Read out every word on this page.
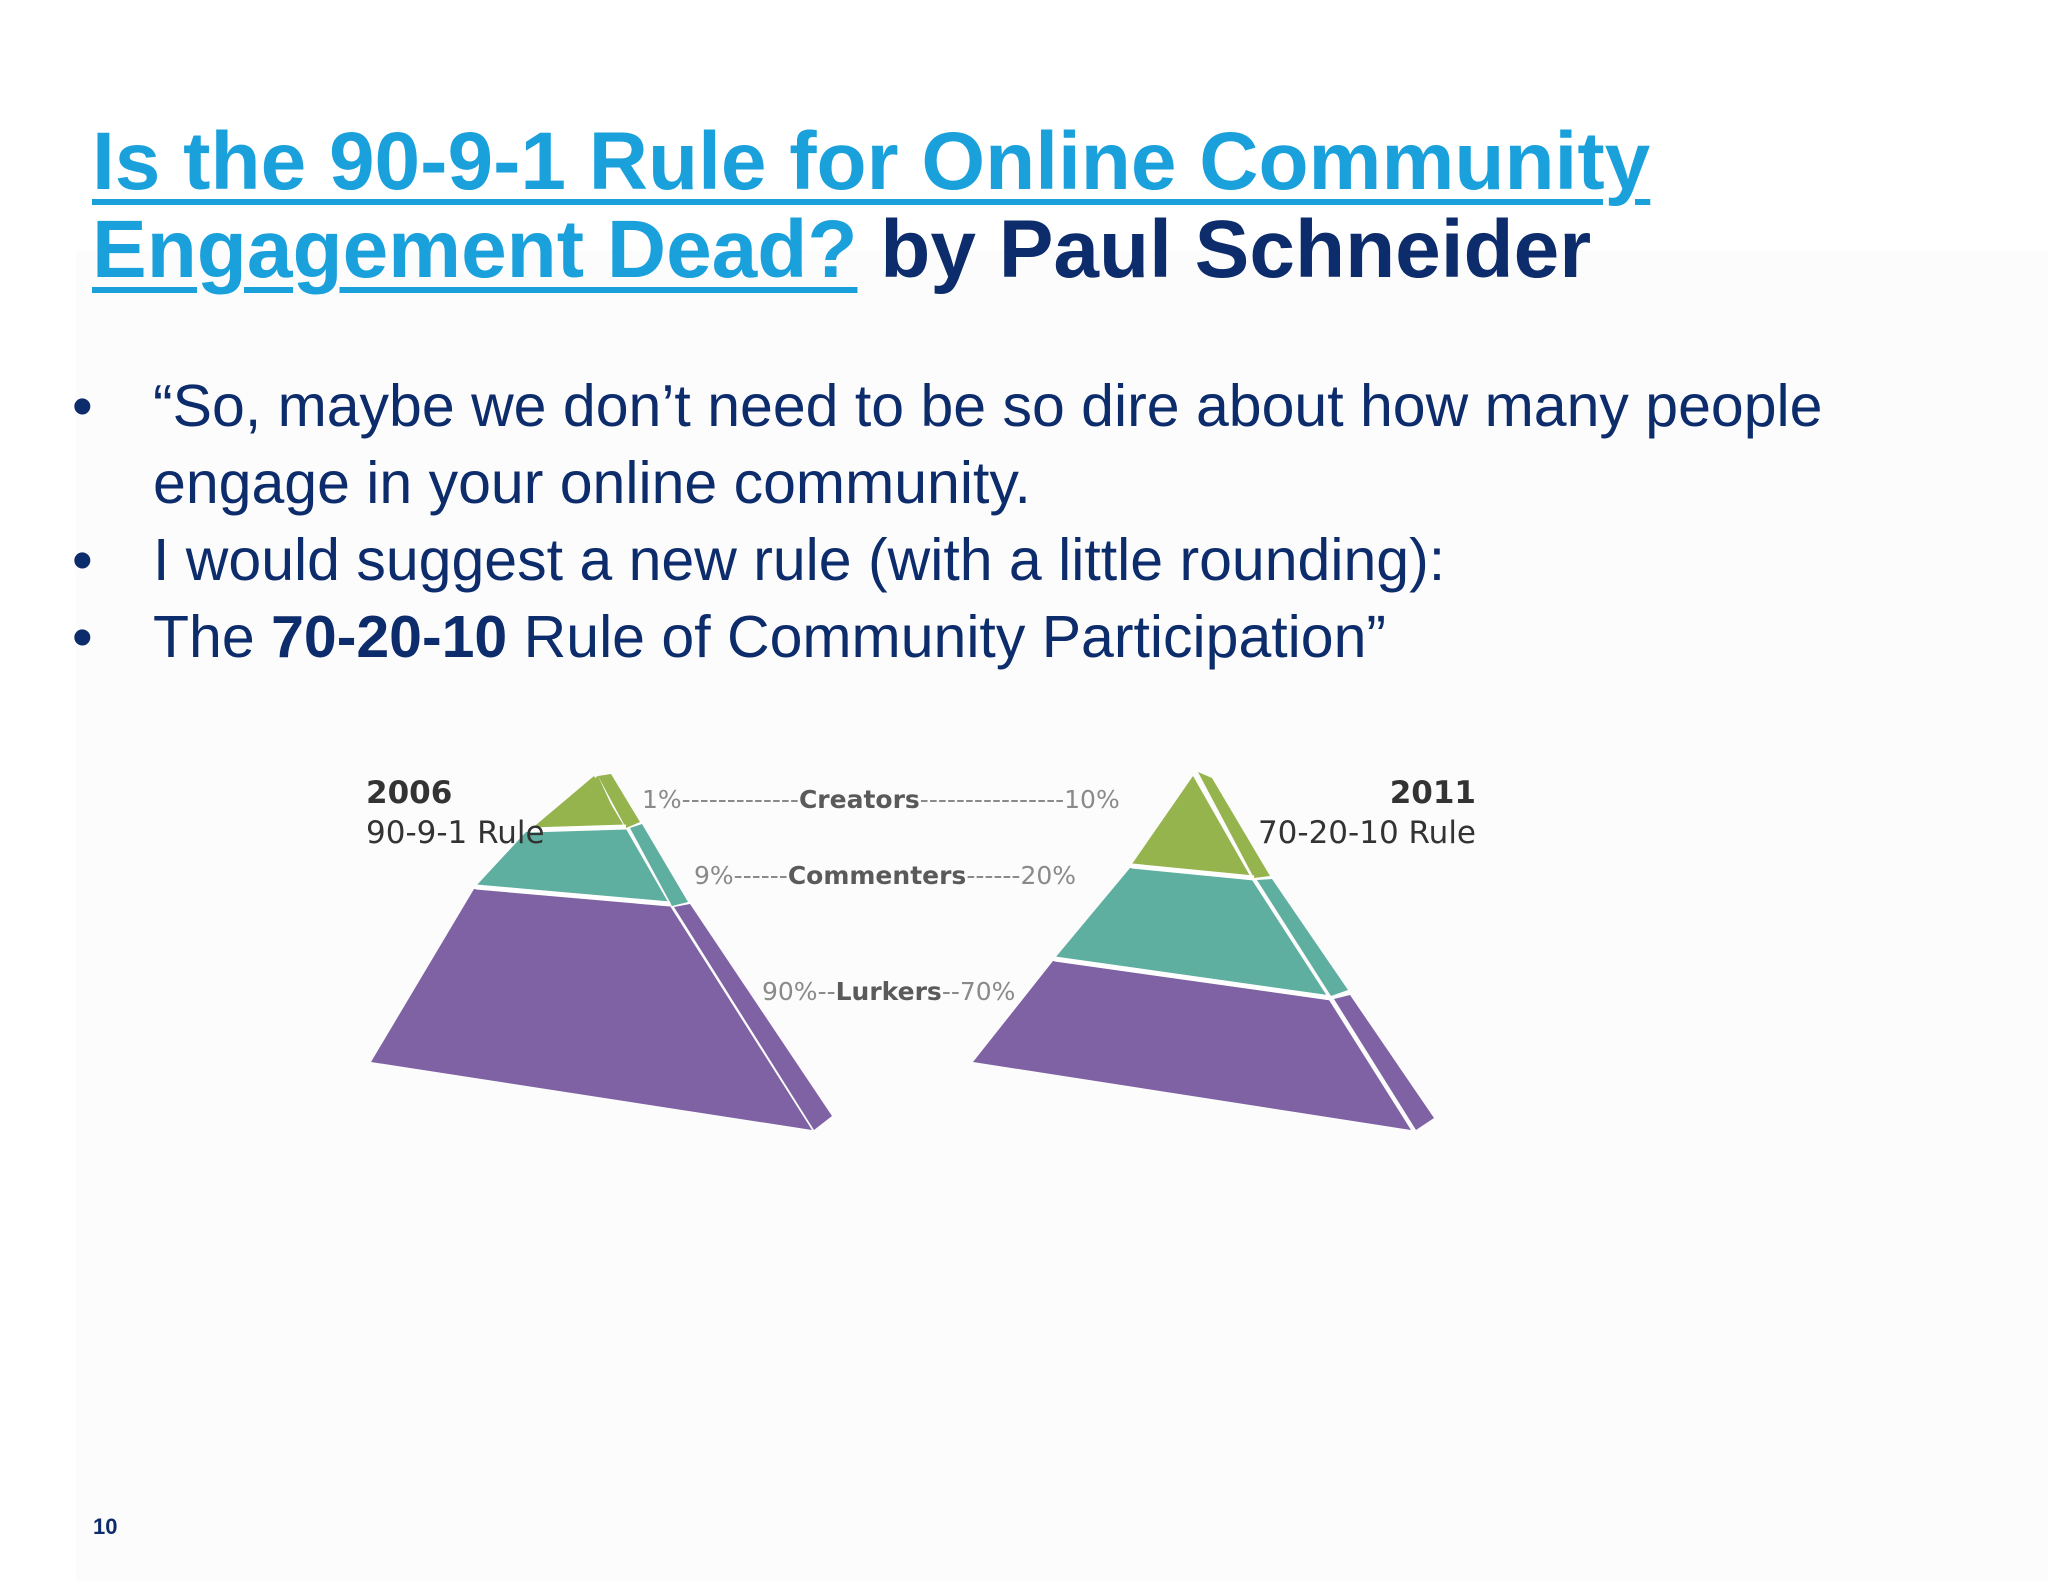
Is the 90-9-1 Rule for Online Community Engagement Dead? by Paul Schneider
• “So, maybe we don’t need to be so dire about how many people engage in your online community.
• I would suggest a new rule (with a little rounding):
• The 70-20-10 Rule of Community Participation”
2006
90-9-1 Rule
2011
70-20-10 Rule
1%-------------Creators----------------10%
9%------Commenters------20%
90%--Lurkers--70%
10
